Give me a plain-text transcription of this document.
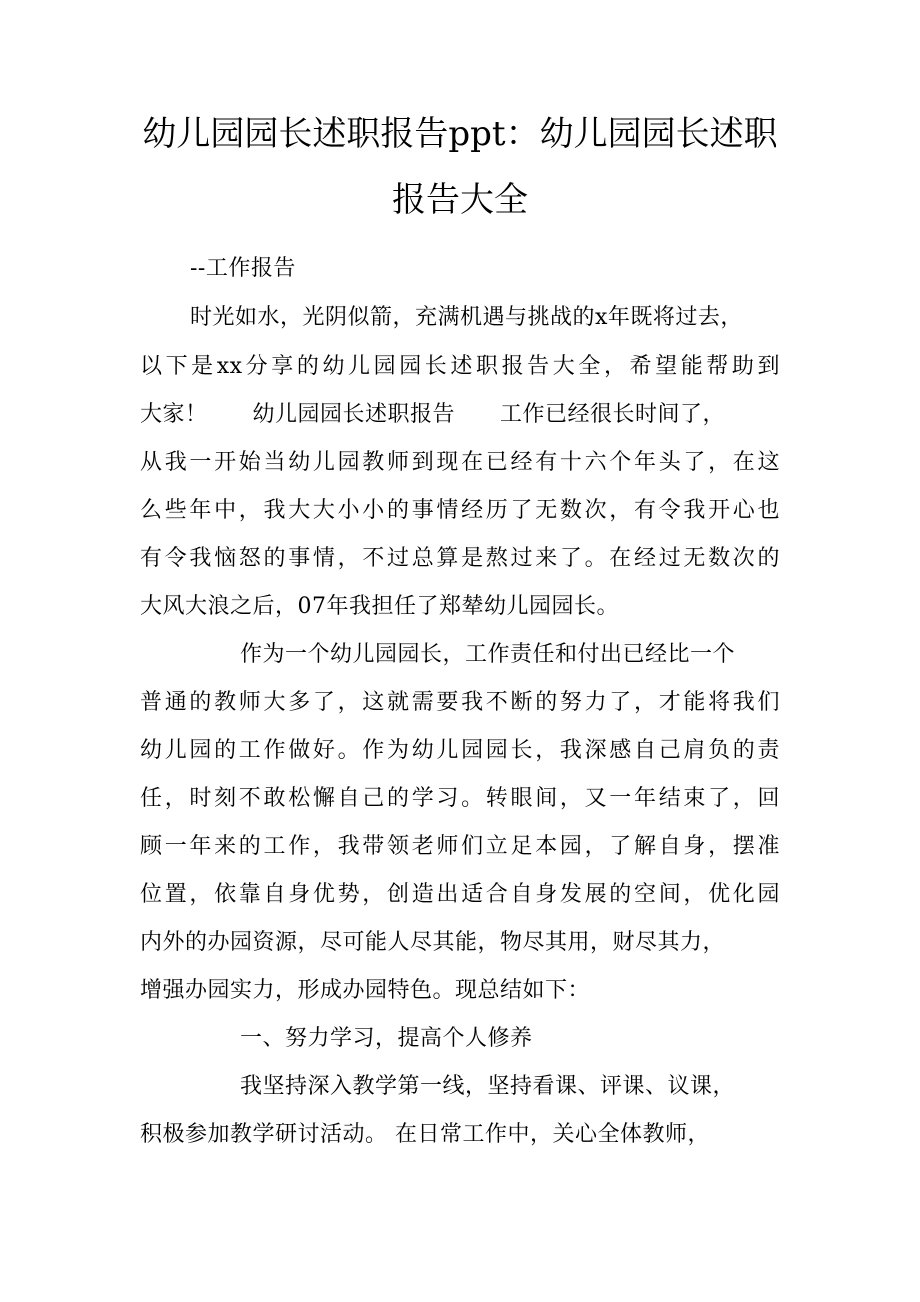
幼儿园园长述职报告ppt：幼儿园园长述职
报告大全
--工作报告
时光如水，光阴似箭，充满机遇与挑战的x年既将过去，
以下是xx分享的幼儿园园长述职报告大全，希望能帮助到
大家！　　幼儿园园长述职报告　　工作已经很长时间了，
从我一开始当幼儿园教师到现在已经有十六个年头了，在这
么些年中，我大大小小的事情经历了无数次，有令我开心也
有令我恼怒的事情，不过总算是熬过来了。在经过无数次的
大风大浪之后，07年我担任了郑辇幼儿园园长。
作为一个幼儿园园长，工作责任和付出已经比一个
普通的教师大多了，这就需要我不断的努力了，才能将我们
幼儿园的工作做好。作为幼儿园园长，我深感自己肩负的责
任，时刻不敢松懈自己的学习。转眼间，又一年结束了，回
顾一年来的工作，我带领老师们立足本园，了解自身，摆准
位置，依靠自身优势，创造出适合自身发展的空间，优化园
内外的办园资源，尽可能人尽其能，物尽其用，财尽其力，
增强办园实力，形成办园特色。现总结如下：
一、努力学习，提高个人修养
我坚持深入教学第一线，坚持看课、评课、议课，
积极参加教学研讨活动。 在日常工作中，关心全体教师，
